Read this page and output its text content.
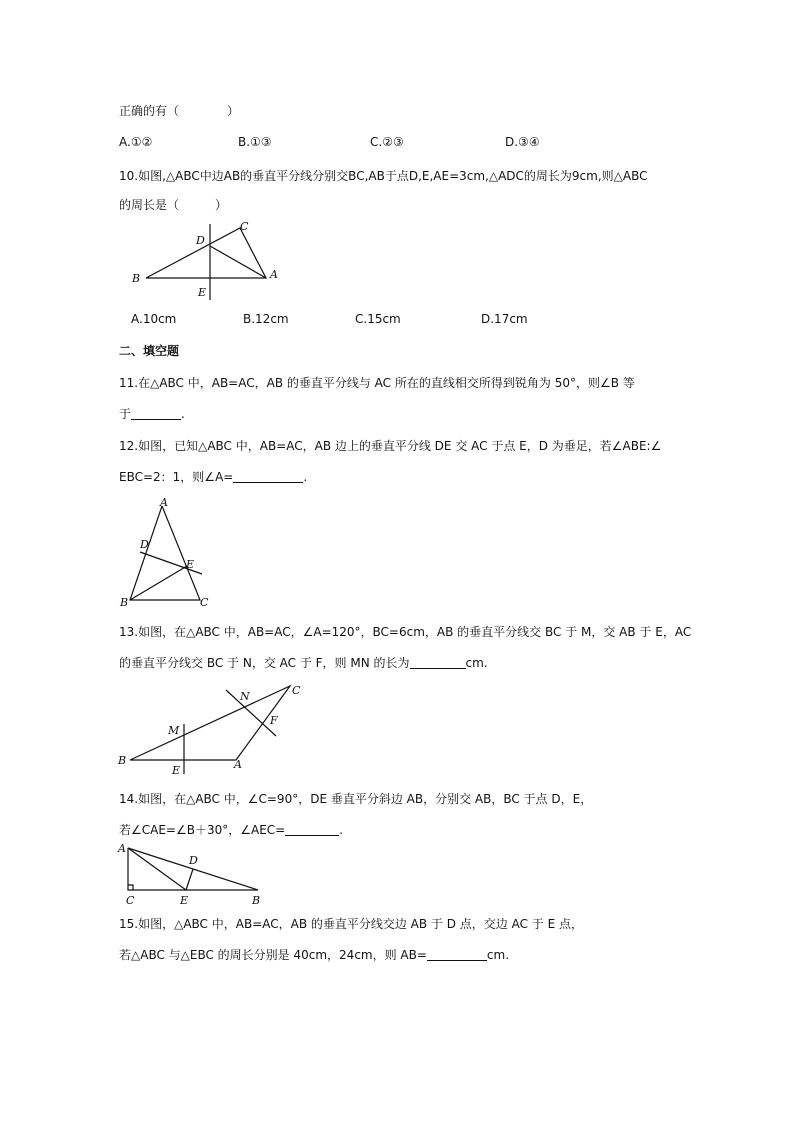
正确的有（　　　　）
A.①②	B.①③	C.②③	D.③④
10.如图,△ABC中边AB的垂直平分线分别交BC,AB于点D,E,AE=3cm,△ADC的周长为9cm,则△ABC
的周长是（　　　）
B
D
C
A
E
A.10cm	B.12cm	C.15cm	D.17cm
二、填空题
11.在△ABC 中，AB=AC，AB 的垂直平分线与 AC 所在的直线相交所得到锐角为 50°，则∠B 等
于	.
12.如图，已知△ABC 中，AB=AC，AB 边上的垂直平分线 DE 交 AC 于点 E，D 为垂足，若∠ABE:∠
EBC=2：1，则∠A=	.
A
D
E
B	C
13.如图，在△ABC 中，AB=AC，∠A=120°，BC=6cm，AB 的垂直平分线交 BC 于 M，交 AB 于 E，AC
的垂直平分线交 BC 于 N，交 AC 于 F，则 MN 的长为	cm.
B
M
E	A
N
F
C
14.如图，在△ABC 中，∠C=90°，DE 垂直平分斜边 AB，分别交 AB，BC 于点 D，E，
若∠CAE=∠B＋30°，∠AEC=	.
A
D
C	E	B
15.如图，△ABC 中，AB=AC，AB 的垂直平分线交边 AB 于 D 点，交边 AC 于 E 点，
若△ABC 与△EBC 的周长分别是 40cm，24cm，则 AB=	cm.
